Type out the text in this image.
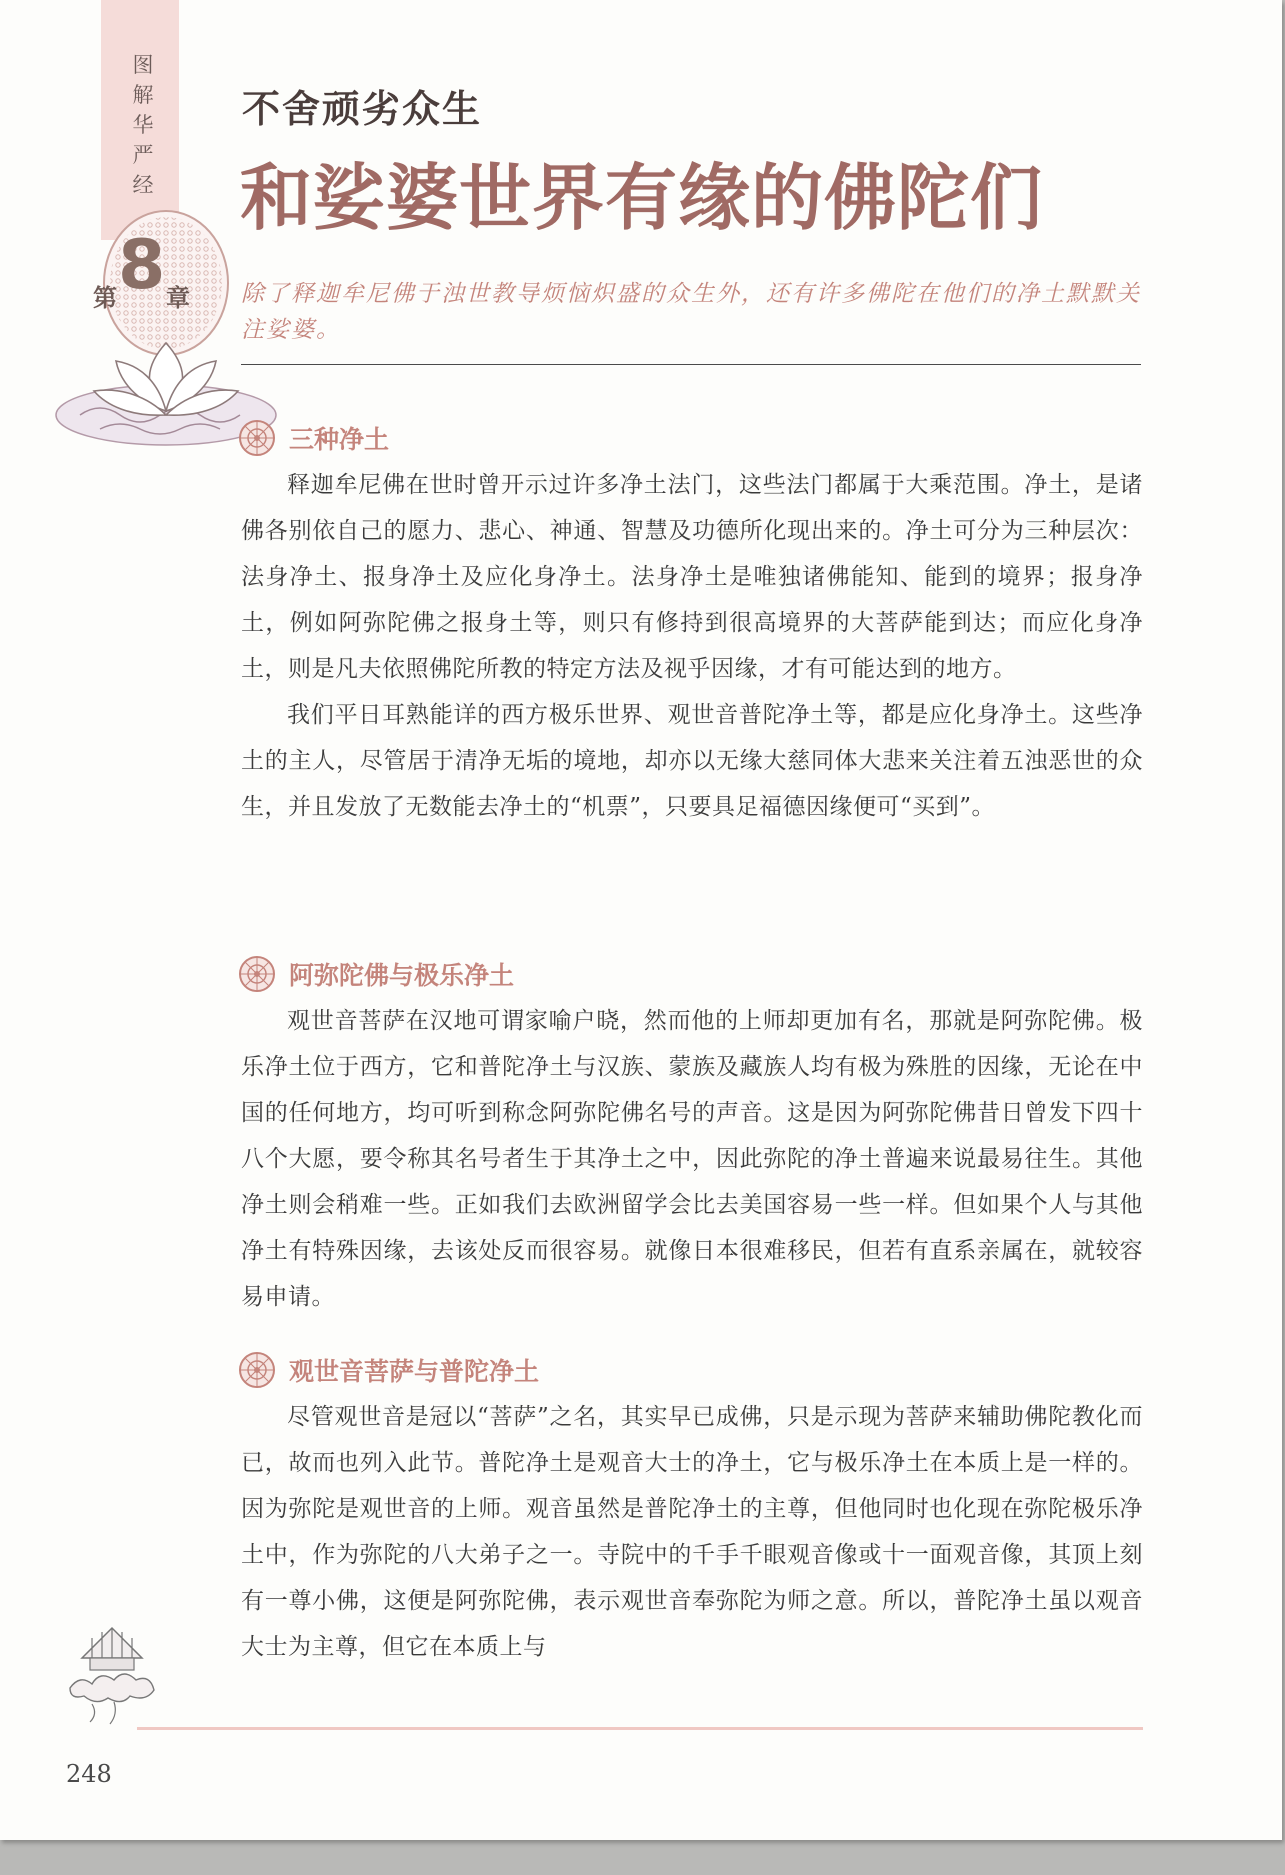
图解华严经
第 8 章
不舍顽劣众生
和娑婆世界有缘的佛陀们
除了释迦牟尼佛于浊世教导烦恼炽盛的众生外，还有许多佛陀在他们的净土默默关注娑婆。
三种净土

释迦牟尼佛在世时曾开示过许多净土法门，这些法门都属于大乘范围。净土，是诸佛各别依自己的愿力、悲心、神通、智慧及功德所化现出来的。净土可分为三种层次：法身净土、报身净土及应化身净土。法身净土是唯独诸佛能知、能到的境界；报身净土，例如阿弥陀佛之报身土等，则只有修持到很高境界的大菩萨能到达；而应化身净土，则是凡夫依照佛陀所教的特定方法及视乎因缘，才有可能达到的地方。

我们平日耳熟能详的西方极乐世界、观世音普陀净土等，都是应化身净土。这些净土的主人，尽管居于清净无垢的境地，却亦以无缘大慈同体大悲来关注着五浊恶世的众生，并且发放了无数能去净土的“机票”，只要具足福德因缘便可“买到”。

阿弥陀佛与极乐净土

观世音菩萨在汉地可谓家喻户晓，然而他的上师却更加有名，那就是阿弥陀佛。极乐净土位于西方，它和普陀净土与汉族、蒙族及藏族人均有极为殊胜的因缘，无论在中国的任何地方，均可听到称念阿弥陀佛名号的声音。这是因为阿弥陀佛昔日曾发下四十八个大愿，要令称其名号者生于其净土之中，因此弥陀的净土普遍来说最易往生。其他净土则会稍难一些。正如我们去欧洲留学会比去美国容易一些一样。但如果个人与其他净土有特殊因缘，去该处反而很容易。就像日本很难移民，但若有直系亲属在，就较容易申请。

观世音菩萨与普陀净土

尽管观世音是冠以“菩萨”之名，其实早已成佛，只是示现为菩萨来辅助佛陀教化而已，故而也列入此节。普陀净土是观音大士的净土，它与极乐净土在本质上是一样的。因为弥陀是观世音的上师。观音虽然是普陀净土的主尊，但他同时也化现在弥陀极乐净土中，作为弥陀的八大弟子之一。寺院中的千手千眼观音像或十一面观音像，其顶上刻有一尊小佛，这便是阿弥陀佛，表示观世音奉弥陀为师之意。所以，普陀净土虽以观音大士为主尊，但它在本质上与

248
